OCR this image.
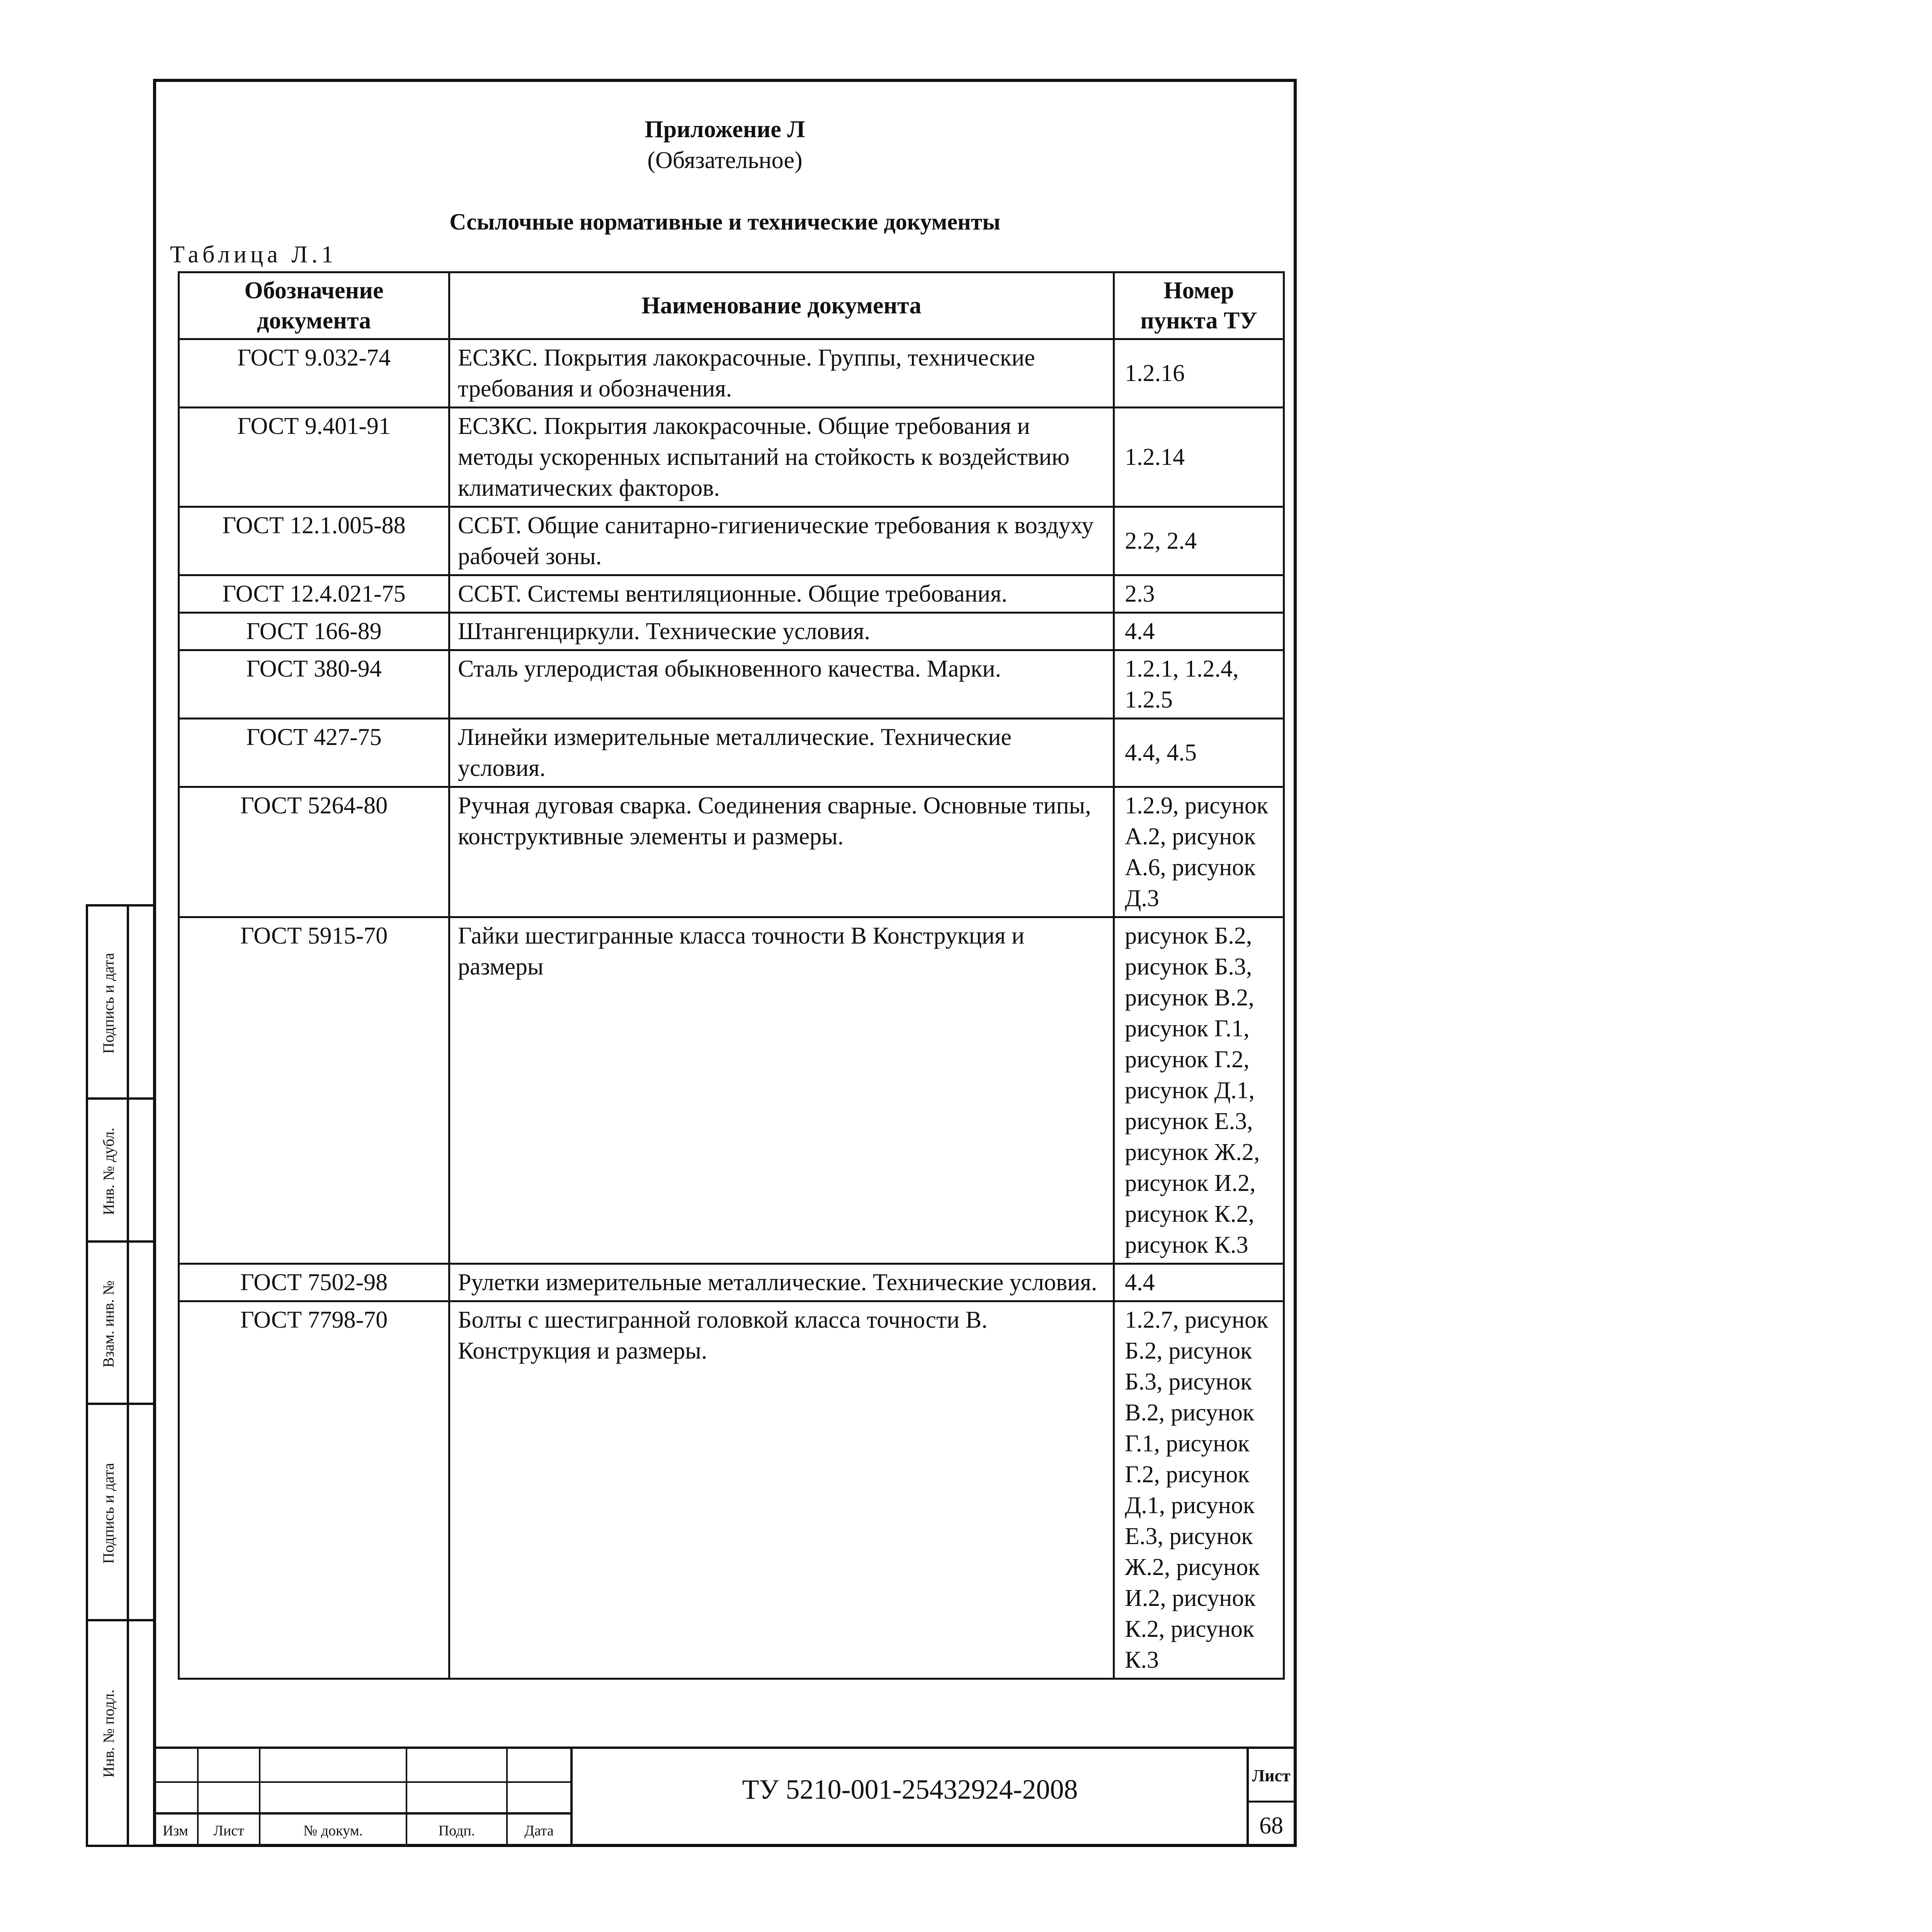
Приложение Л
(Обязательное)
Ссылочные нормативные и технические документы
Таблица Л.1
Обозначение документа	Наименование документа	Номер пункта ТУ
ГОСТ 9.032-74	ЕСЗКС. Покрытия лакокрасочные. Группы, технические требования и обозначения.	1.2.16
ГОСТ 9.401-91	ЕСЗКС. Покрытия лакокрасочные. Общие требования и методы ускоренных испытаний на стойкость к воздействию климатических факторов.	1.2.14
ГОСТ 12.1.005-88	ССБТ. Общие санитарно-гигиенические требования к воздуху рабочей зоны.	2.2, 2.4
ГОСТ 12.4.021-75	ССБТ. Системы вентиляционные. Общие требования.	2.3
ГОСТ 166-89	Штангенциркули. Технические условия.	4.4
ГОСТ 380-94	Сталь углеродистая обыкновенного качества. Марки.	1.2.1, 1.2.4, 1.2.5
ГОСТ 427-75	Линейки измерительные металлические. Технические условия.	4.4, 4.5
ГОСТ 5264-80	Ручная дуговая сварка. Соединения сварные. Основные типы, конструктивные элементы и размеры.	1.2.9, рисунок А.2, рисунок А.6, рисунок Д.3
ГОСТ 5915-70	Гайки шестигранные класса точности В Конструкция и размеры	рисунок Б.2, рисунок Б.3, рисунок В.2, рисунок Г.1, рисунок Г.2, рисунок Д.1, рисунок Е.3, рисунок Ж.2, рисунок И.2, рисунок К.2, рисунок К.3
ГОСТ 7502-98	Рулетки измерительные металлические. Технические условия.	4.4
ГОСТ 7798-70	Болты с шестигранной головкой класса точности В. Конструкция и размеры.	1.2.7, рисунок Б.2, рисунок Б.3, рисунок В.2, рисунок Г.1, рисунок Г.2, рисунок Д.1, рисунок Е.3, рисунок Ж.2, рисунок И.2, рисунок К.2, рисунок К.3
Подпись и дата
Инв. № дубл.
Взам. инв. №
Подпись и дата
Инв. № подл.
Изм	Лист	№ докум.	Подп.	Дата
ТУ 5210-001-25432924-2008	Лист
68
